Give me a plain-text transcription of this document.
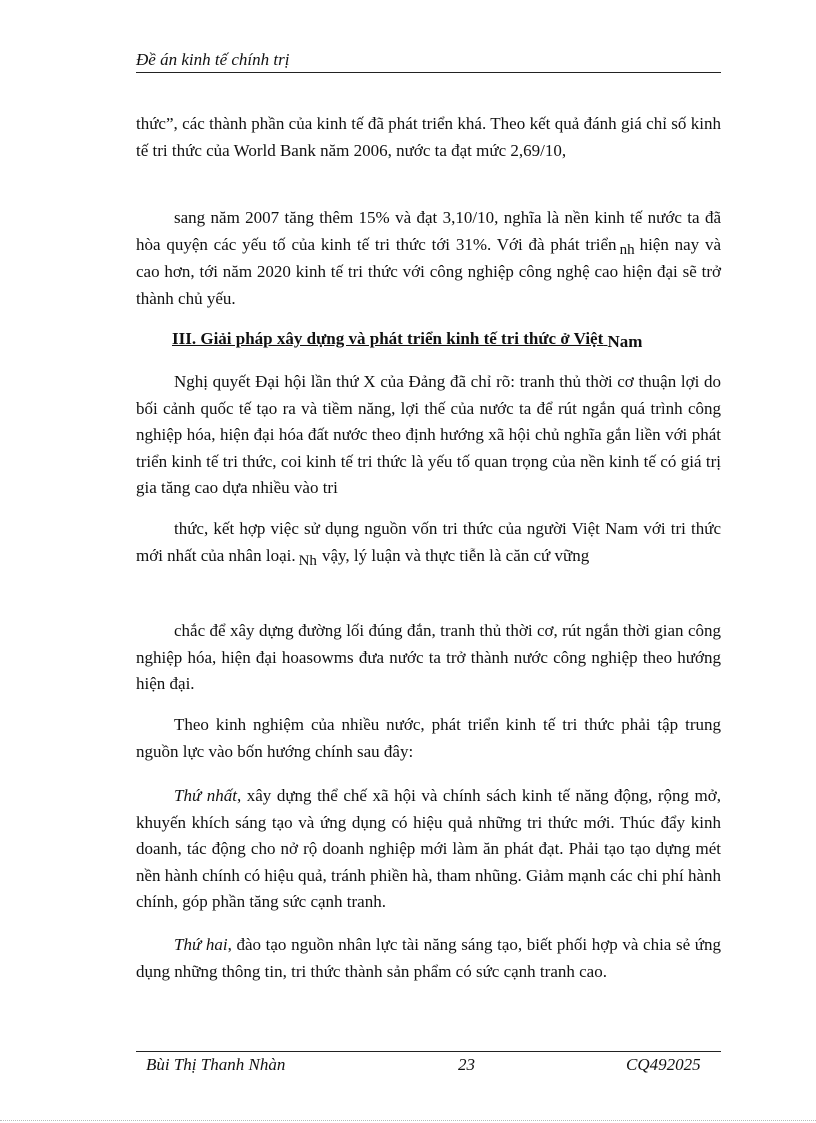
Đề án kinh tế chính trị

thức”, các thành phần của kinh tế đã phát triển khá. Theo kết quả đánh giá chỉ số kinh tế tri thức của World Bank năm 2006, nước ta đạt mức 2,69/10,

sang năm 2007 tăng thêm 15% và đạt 3,10/10, nghĩa là nền kinh tế nước ta đã hòa quyện các yếu tố của kinh tế tri thức tới 31%. Với đà phát triển nh hiện nay và cao hơn, tới năm 2020 kinh tế tri thức với công nghiệp công nghệ cao hiện đại sẽ trở thành chủ yếu.

III. Giải pháp xây dựng và phát triển kinh tế tri thức ở Việt Nam

Nghị quyết Đại hội lần thứ X của Đảng đã chỉ rõ: tranh thủ thời cơ thuận lợi do bối cảnh quốc tế tạo ra và tiềm năng, lợi thế của nước ta để rút ngắn quá trình công nghiệp hóa, hiện đại hóa đất nước theo định hướng xã hội chủ nghĩa gắn liền với phát triển kinh tế tri thức, coi kinh tế tri thức là yếu tố quan trọng của nền kinh tế có giá trị gia tăng cao dựa nhiều vào tri

thức, kết hợp việc sử dụng nguồn vốn tri thức của người Việt Nam với tri thức mới nhất của nhân loại. Nh vậy, lý luận và thực tiễn là căn cứ vững

chắc để xây dựng đường lối đúng đắn, tranh thủ thời cơ, rút ngắn thời gian công nghiệp hóa, hiện đại hoasowms đưa nước ta trở thành nước công nghiệp theo hướng hiện đại.

Theo kinh nghiệm của nhiều nước, phát triển kinh tế tri thức phải tập trung nguồn lực vào bốn hướng chính sau đây:

Thứ nhất, xây dựng thể chế xã hội và chính sách kinh tế năng động, rộng mở, khuyến khích sáng tạo và ứng dụng có hiệu quả những tri thức mới. Thúc đẩy kinh doanh, tác động cho nở rộ doanh nghiệp mới làm ăn phát đạt. Phải tạo tạo dựng mét nền hành chính có hiệu quả, tránh phiền hà, tham nhũng. Giảm mạnh các chi phí hành chính, góp phần tăng sức cạnh tranh.

Thứ hai, đào tạo nguồn nhân lực tài năng sáng tạo, biết phối hợp và chia sẻ ứng dụng những thông tin, tri thức thành sản phẩm có sức cạnh tranh cao.

Bùi Thị Thanh Nhàn	23	CQ492025
